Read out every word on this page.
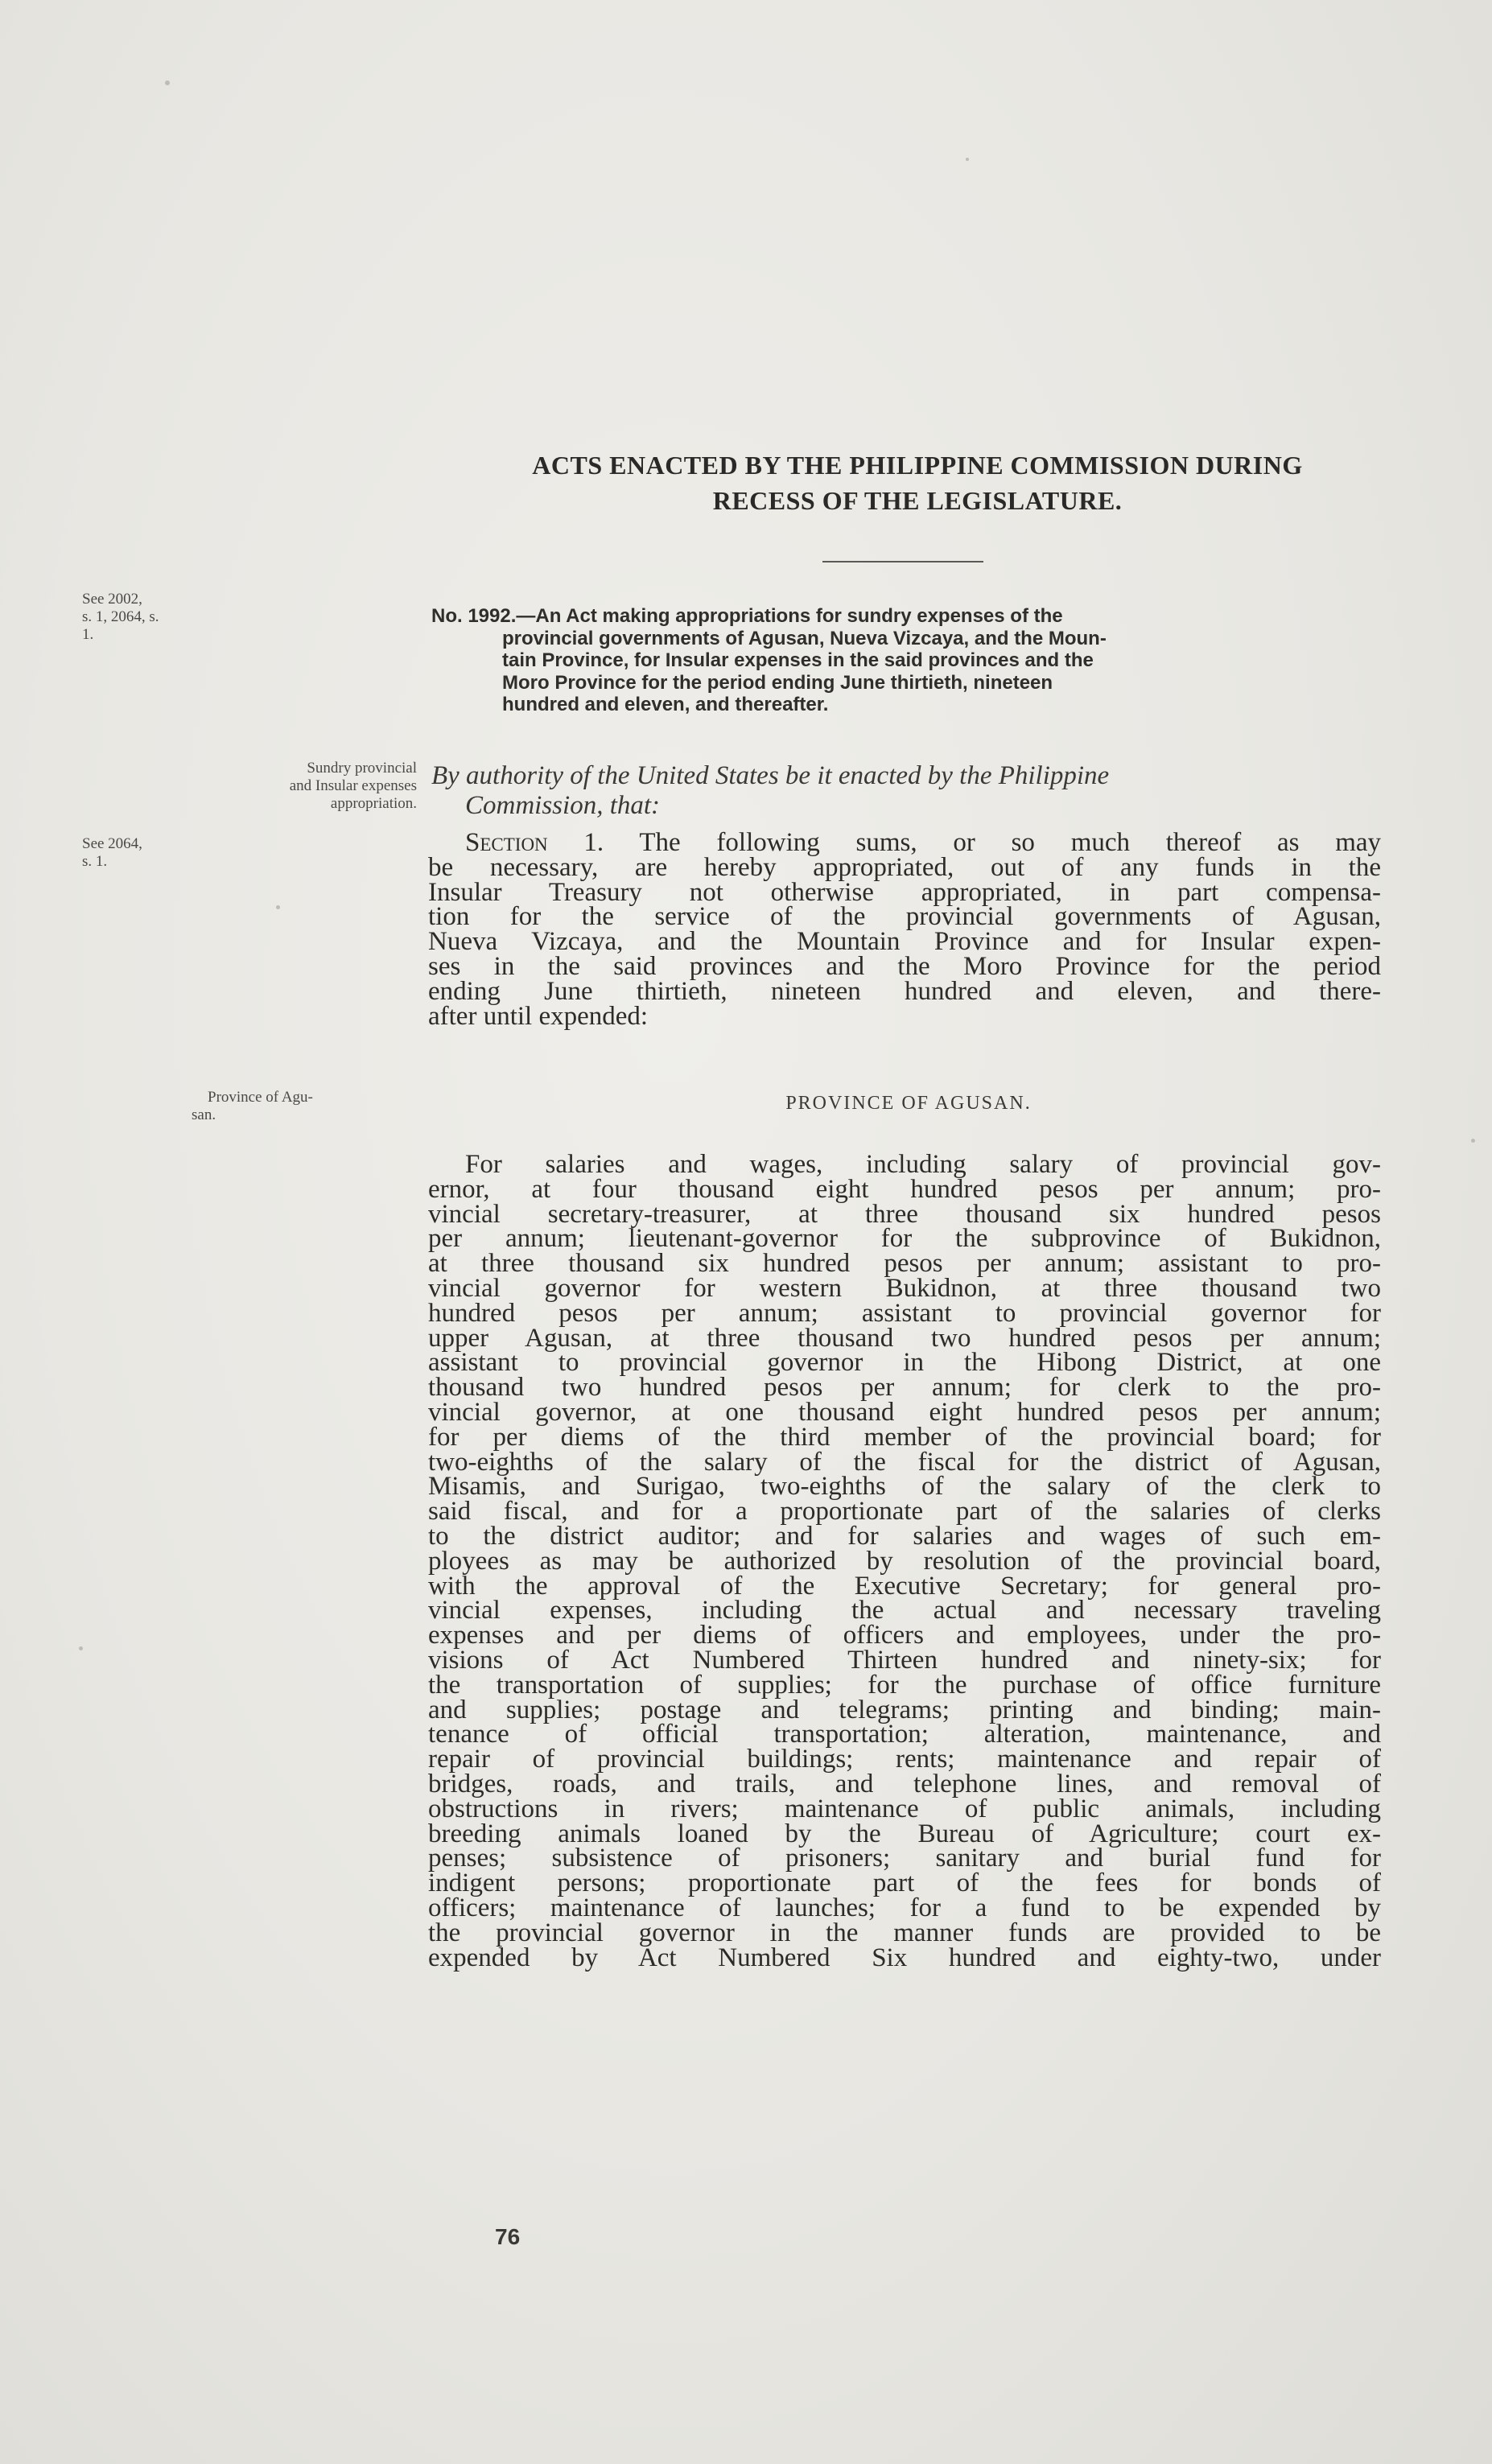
ACTS ENACTED BY THE PHILIPPINE COMMISSION DURING
RECESS OF THE LEGISLATURE.
See 2002,
s. 1, 2064, s.
1.
Sundry provincial
and Insular expenses
appropriation.
See 2064,
s. 1.
Province of Agu-
san.
No. 1992.—An Act making appropriations for sundry expenses of the
provincial governments of Agusan, Nueva Vizcaya, and the Moun-
tain Province, for Insular expenses in the said provinces and the
Moro Province for the period ending June thirtieth, nineteen
hundred and eleven, and thereafter.
By authority of the United States be it enacted by the Philippine
Commission, that:
Section 1. The following sums, or so much thereof as may
be necessary, are hereby appropriated, out of any funds in the
Insular Treasury not otherwise appropriated, in part compensa-
tion for the service of the provincial governments of Agusan,
Nueva Vizcaya, and the Mountain Province and for Insular expen-
ses in the said provinces and the Moro Province for the period
ending June thirtieth, nineteen hundred and eleven, and there-
after until expended:
PROVINCE OF AGUSAN.
For salaries and wages, including salary of provincial gov-
ernor, at four thousand eight hundred pesos per annum; pro-
vincial secretary-treasurer, at three thousand six hundred pesos
per annum; lieutenant-governor for the subprovince of Bukidnon,
at three thousand six hundred pesos per annum; assistant to pro-
vincial governor for western Bukidnon, at three thousand two
hundred pesos per annum; assistant to provincial governor for
upper Agusan, at three thousand two hundred pesos per annum;
assistant to provincial governor in the Hibong District, at one
thousand two hundred pesos per annum; for clerk to the pro-
vincial governor, at one thousand eight hundred pesos per annum;
for per diems of the third member of the provincial board; for
two-eighths of the salary of the fiscal for the district of Agusan,
Misamis, and Surigao, two-eighths of the salary of the clerk to
said fiscal, and for a proportionate part of the salaries of clerks
to the district auditor; and for salaries and wages of such em-
ployees as may be authorized by resolution of the provincial board,
with the approval of the Executive Secretary; for general pro-
vincial expenses, including the actual and necessary traveling
expenses and per diems of officers and employees, under the pro-
visions of Act Numbered Thirteen hundred and ninety-six; for
the transportation of supplies; for the purchase of office furniture
and supplies; postage and telegrams; printing and binding; main-
tenance of official transportation; alteration, maintenance, and
repair of provincial buildings; rents; maintenance and repair of
bridges, roads, and trails, and telephone lines, and removal of
obstructions in rivers; maintenance of public animals, including
breeding animals loaned by the Bureau of Agriculture; court ex-
penses; subsistence of prisoners; sanitary and burial fund for
indigent persons; proportionate part of the fees for bonds of
officers; maintenance of launches; for a fund to be expended by
the provincial governor in the manner funds are provided to be
expended by Act Numbered Six hundred and eighty-two, under
76
